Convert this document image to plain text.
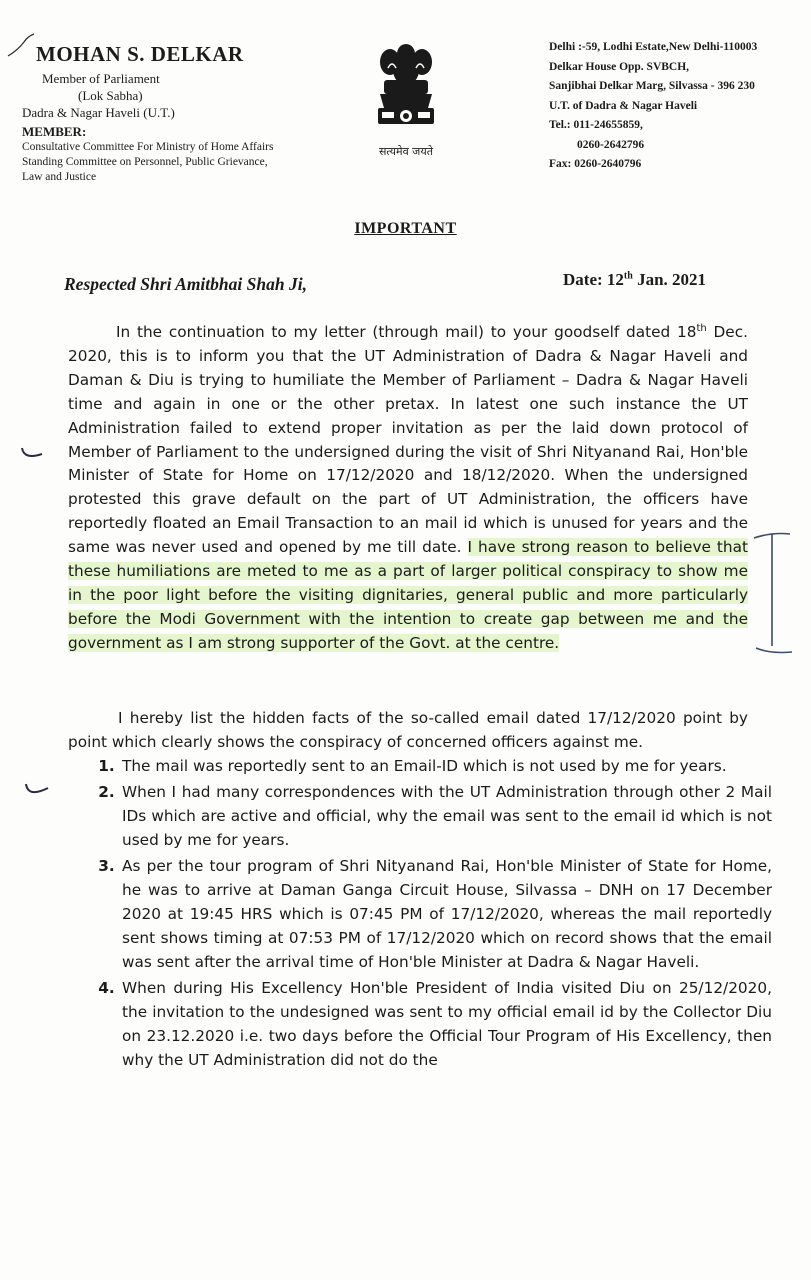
MOHAN S. DELKAR
Member of Parliament
(Lok Sabha)
Dadra & Nagar Haveli (U.T.)
MEMBER:
Consultative Committee For Ministry of Home Affairs
Standing Committee on Personnel, Public Grievance,
Law and Justice
सत्यमेव जयते
Delhi :-59, Lodhi Estate,New Delhi-110003
Delkar House Opp. SVBCH,
Sanjibhai Delkar Marg, Silvassa - 396 230
U.T. of Dadra & Nagar Haveli
Tel.: 011-24655859,
0260-2642796
Fax: 0260-2640796
IMPORTANT
Respected Shri Amitbhai Shah Ji,	Date: 12th Jan. 2021
In the continuation to my letter (through mail) to your goodself dated 18th Dec. 2020, this is to inform you that the UT Administration of Dadra & Nagar Haveli and Daman & Diu is trying to humiliate the Member of Parliament – Dadra & Nagar Haveli time and again in one or the other pretax. In latest one such instance the UT Administration failed to extend proper invitation as per the laid down protocol of Member of Parliament to the undersigned during the visit of Shri Nityanand Rai, Hon'ble Minister of State for Home on 17/12/2020 and 18/12/2020. When the undersigned protested this grave default on the part of UT Administration, the officers have reportedly floated an Email Transaction to an mail id which is unused for years and the same was never used and opened by me till date. I have strong reason to believe that these humiliations are meted to me as a part of larger political conspiracy to show me in the poor light before the visiting dignitaries, general public and more particularly before the Modi Government with the intention to create gap between me and the government as I am strong supporter of the Govt. at the centre.
I hereby list the hidden facts of the so-called email dated 17/12/2020 point by point which clearly shows the conspiracy of concerned officers against me.
1. The mail was reportedly sent to an Email-ID which is not used by me for years.
2. When I had many correspondences with the UT Administration through other 2 Mail IDs which are active and official, why the email was sent to the email id which is not used by me for years.
3. As per the tour program of Shri Nityanand Rai, Hon'ble Minister of State for Home, he was to arrive at Daman Ganga Circuit House, Silvassa – DNH on 17 December 2020 at 19:45 HRS which is 07:45 PM of 17/12/2020, whereas the mail reportedly sent shows timing at 07:53 PM of 17/12/2020 which on record shows that the email was sent after the arrival time of Hon'ble Minister at Dadra & Nagar Haveli.
4. When during His Excellency Hon'ble President of India visited Diu on 25/12/2020, the invitation to the undesigned was sent to my official email id by the Collector Diu on 23.12.2020 i.e. two days before the Official Tour Program of His Excellency, then why the UT Administration did not do the
